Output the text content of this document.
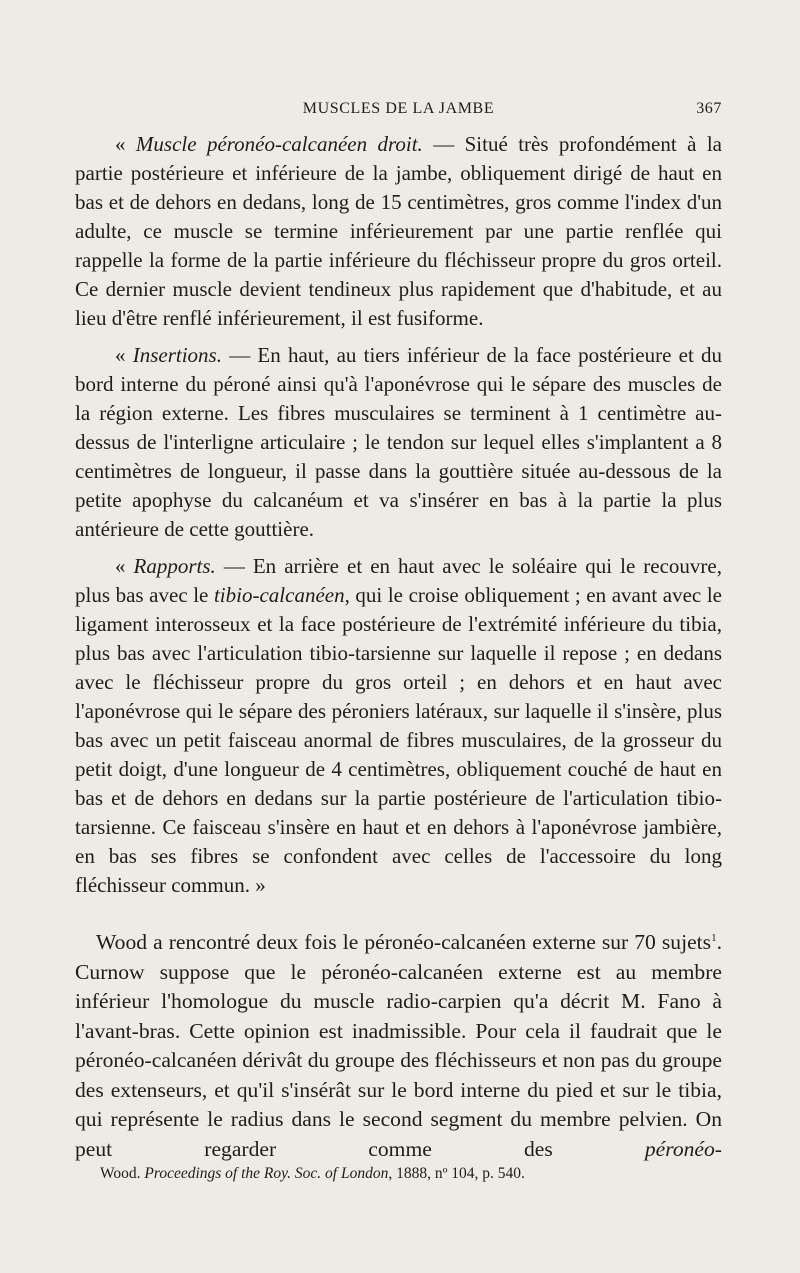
MUSCLES DE LA JAMBE	367

« Muscle péronéo-calcanéen droit. — Situé très profondément à la partie postérieure et inférieure de la jambe, obliquement dirigé de haut en bas et de dehors en dedans, long de 15 centimètres, gros comme l'index d'un adulte, ce muscle se termine inférieurement par une partie renflée qui rappelle la forme de la partie inférieure du fléchisseur propre du gros orteil. Ce dernier muscle devient tendineux plus rapidement que d'habitude, et au lieu d'être renflé inférieurement, il est fusiforme.

« Insertions. — En haut, au tiers inférieur de la face postérieure et du bord interne du péroné ainsi qu'à l'aponévrose qui le sépare des muscles de la région externe. Les fibres musculaires se terminent à 1 centimètre au-dessus de l'interligne articulaire ; le tendon sur lequel elles s'implantent a 8 centimètres de longueur, il passe dans la gouttière située au-dessous de la petite apophyse du calcanéum et va s'insérer en bas à la partie la plus antérieure de cette gouttière.

« Rapports. — En arrière et en haut avec le soléaire qui le recouvre, plus bas avec le tibio-calcanéen, qui le croise obliquement ; en avant avec le ligament interosseux et la face postérieure de l'extrémité inférieure du tibia, plus bas avec l'articulation tibio-tarsienne sur laquelle il repose ; en dedans avec le fléchisseur propre du gros orteil ; en dehors et en haut avec l'aponévrose qui le sépare des péroniers latéraux, sur laquelle il s'insère, plus bas avec un petit faisceau anormal de fibres musculaires, de la grosseur du petit doigt, d'une longueur de 4 centimètres, obliquement couché de haut en bas et de dehors en dedans sur la partie postérieure de l'articulation tibio-tarsienne. Ce faisceau s'insère en haut et en dehors à l'aponévrose jambière, en bas ses fibres se confondent avec celles de l'accessoire du long fléchisseur commun. »

Wood a rencontré deux fois le péronéo-calcanéen externe sur 70 sujets$^1$. Curnow suppose que le péronéo-calcanéen externe est au membre inférieur l'homologue du muscle radio-carpien qu'a décrit M. Fano à l'avant-bras. Cette opinion est inadmissible. Pour cela il faudrait que le péronéo-calcanéen dérivât du groupe des fléchisseurs et non pas du groupe des extenseurs, et qu'il s'insérât sur le bord interne du pied et sur le tibia, qui représente le radius dans le second segment du membre pelvien. On peut regarder comme des péronéo-

Wood. Proceedings of the Roy. Soc. of London, 1888, nº 104, p. 540.
